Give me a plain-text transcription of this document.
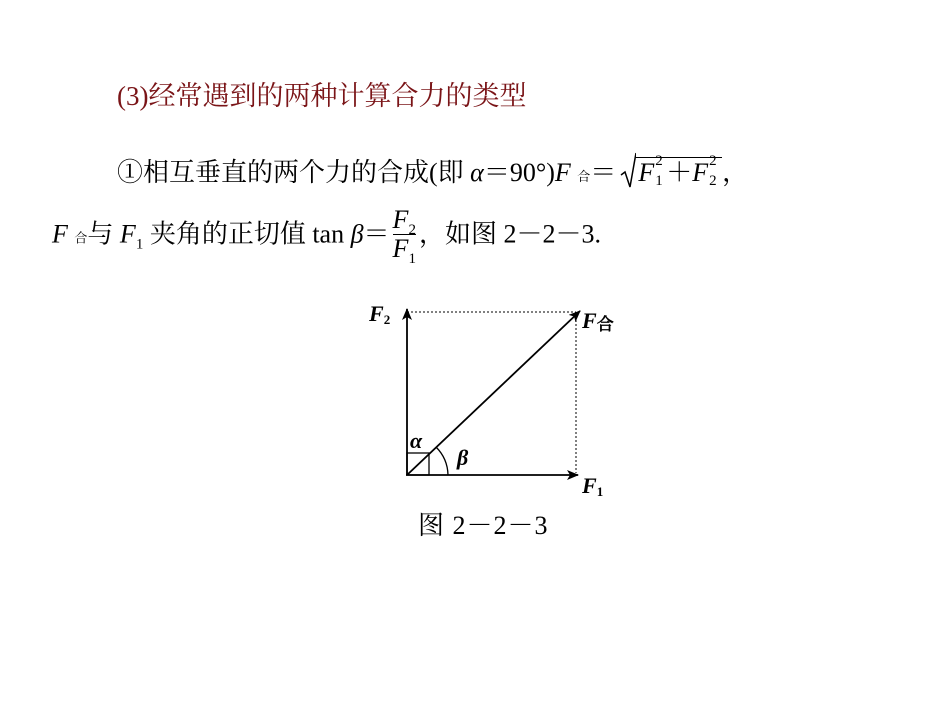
(3)经常遇到的两种计算合力的类型
①相互垂直的两个力的合成(即 α＝90°)F 合＝ F 2
1 ＋F 2
2 ，
F 合与 $F_1$ 夹角的正切值 $\tan \beta= \frac{F_2}{F_1}$ ，如图 2－2－3.
F2	F合
F1
α
β
图 2－2－3
